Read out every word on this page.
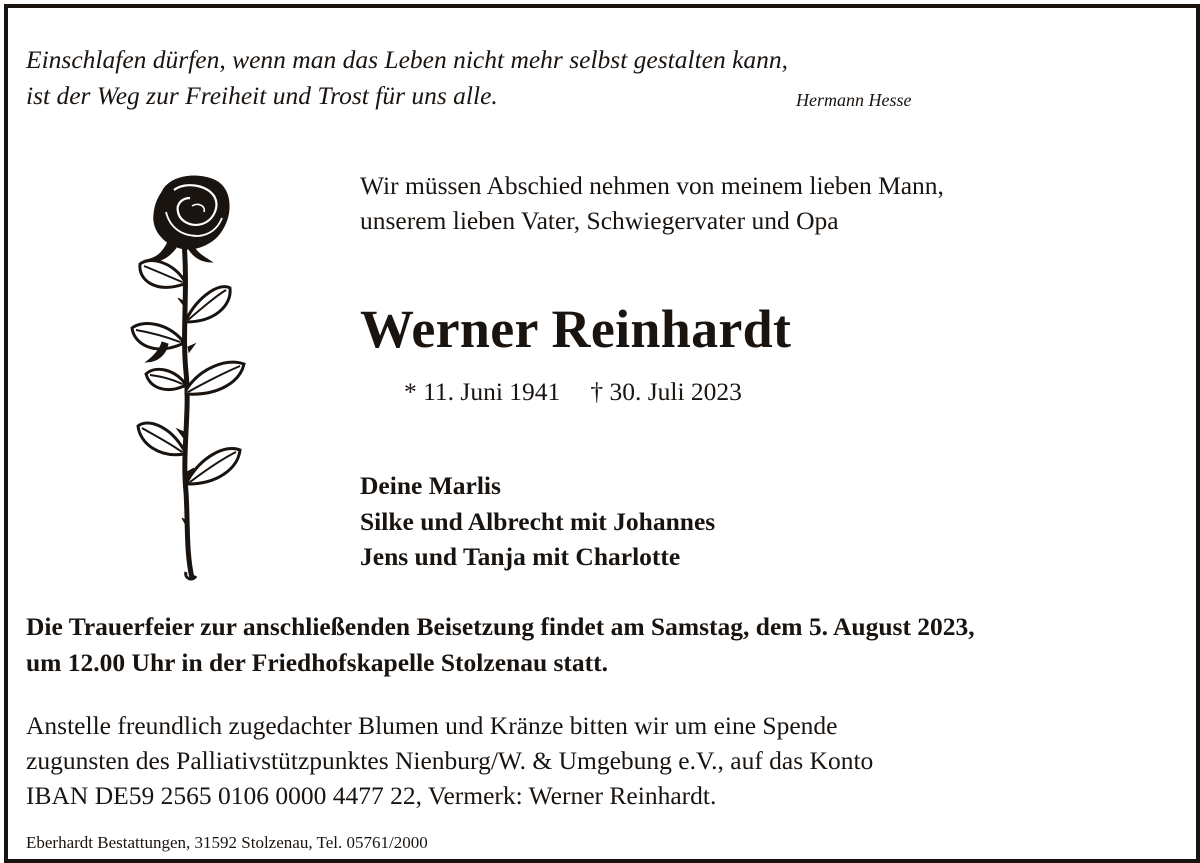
Einschlafen dürfen, wenn man das Leben nicht mehr selbst gestalten kann,
ist der Weg zur Freiheit und Trost für uns alle.	Hermann Hesse
Wir müssen Abschied nehmen von meinem lieben Mann,
unserem lieben Vater, Schwiegervater und Opa
Werner Reinhardt
* 11. Juni 1941 † 30. Juli 2023
Deine Marlis
Silke und Albrecht mit Johannes
Jens und Tanja mit Charlotte
Die Trauerfeier zur anschließenden Beisetzung findet am Samstag, dem 5. August 2023,
um 12.00 Uhr in der Friedhofskapelle Stolzenau statt.
Anstelle freundlich zugedachter Blumen und Kränze bitten wir um eine Spende
zugunsten des Palliativstützpunktes Nienburg/W. & Umgebung e.V., auf das Konto
IBAN DE59 2565 0106 0000 4477 22, Vermerk: Werner Reinhardt.
Eberhardt Bestattungen, 31592 Stolzenau, Tel. 05761/2000
